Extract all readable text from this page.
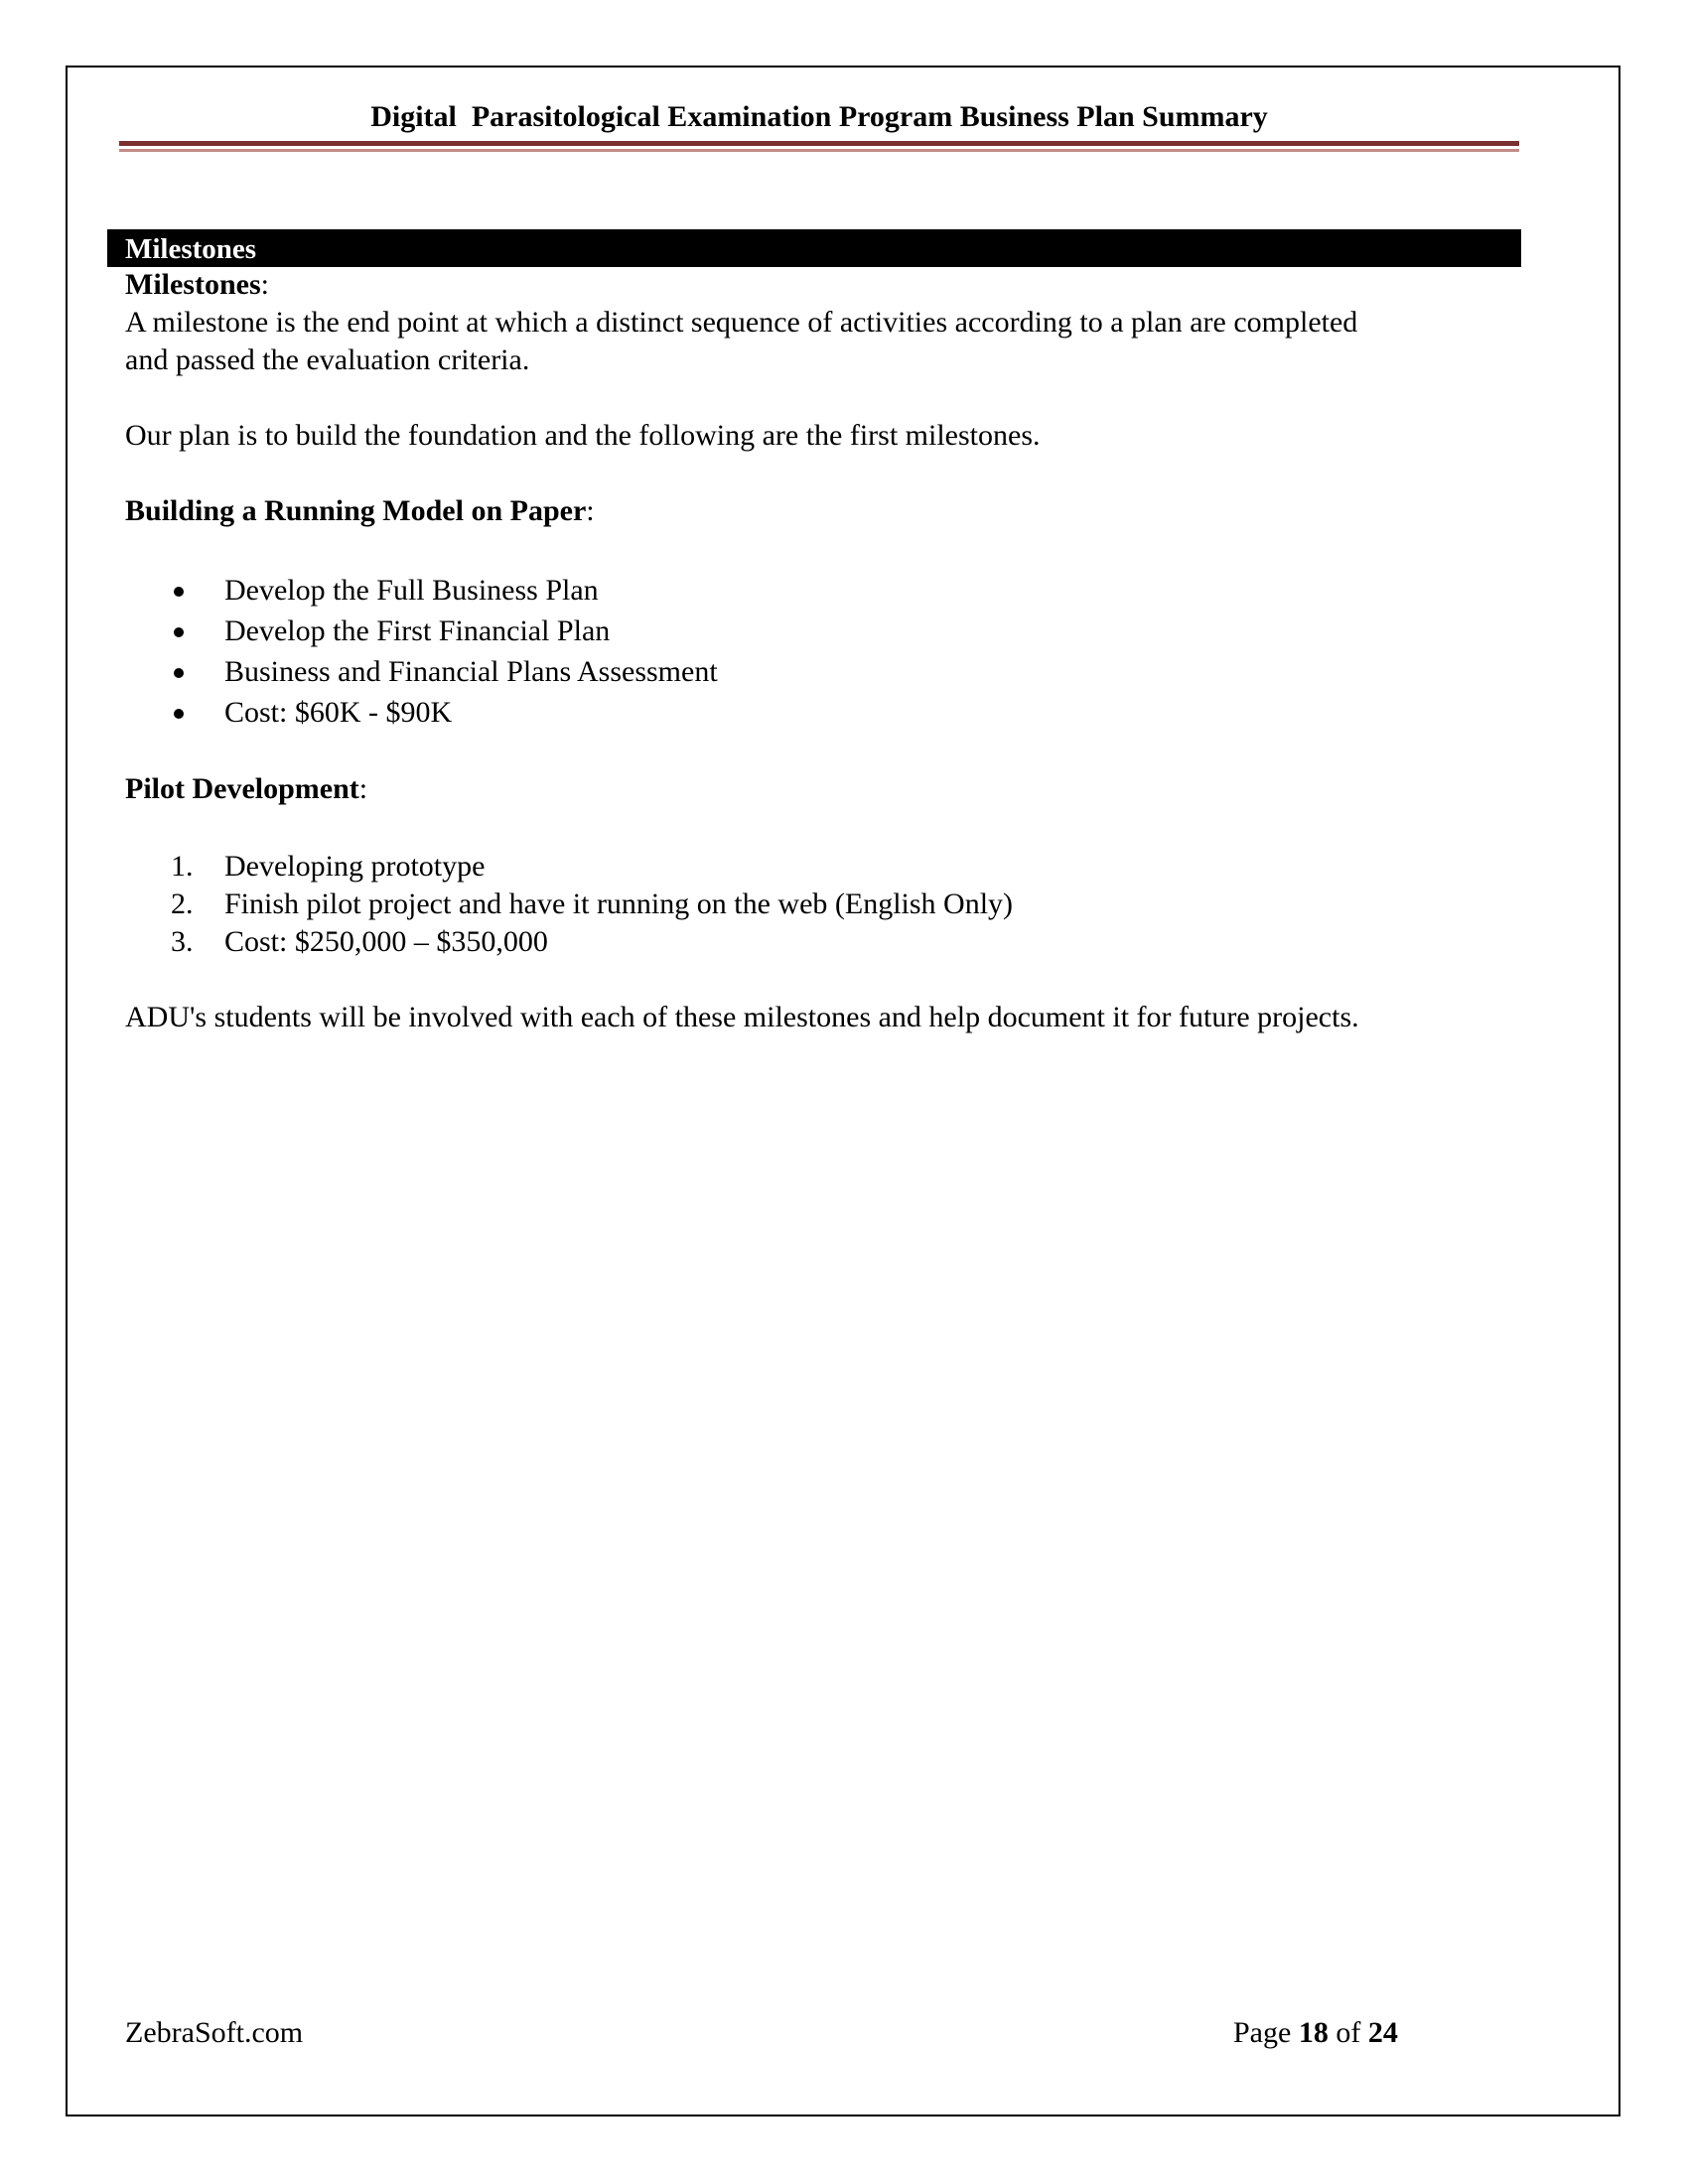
Digital  Parasitological Examination Program Business Plan Summary
Milestones

Milestones:

A milestone is the end point at which a distinct sequence of activities according to a plan are completed

and passed the evaluation criteria.

Our plan is to build the foundation and the following are the first milestones.

Building a Running Model on Paper:

Develop the Full Business Plan
Develop the First Financial Plan
Business and Financial Plans Assessment
Cost: $60K - $90K

Pilot Development:

1. Developing prototype
2. Finish pilot project and have it running on the web (English Only)
3. Cost: $250,000 – $350,000

ADU's students will be involved with each of these milestones and help document it for future projects.

ZebraSoft.com	Page 18 of 24
